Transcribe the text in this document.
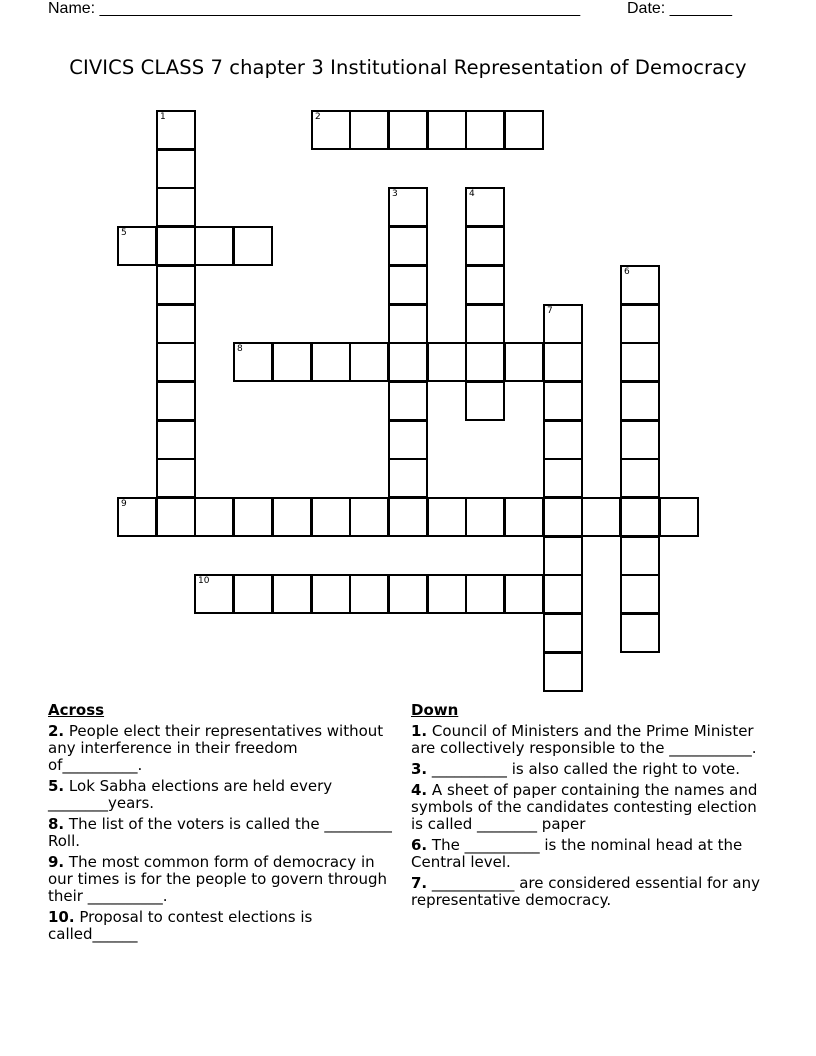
Name: ______________________________________________________	Date: _______
CIVICS CLASS 7 chapter 3 Institutional Representation of Democracy
1	2
3	4
5
6
7
8
9
10
Across
2. People elect their representatives without any interference in their freedom of__________.
5. Lok Sabha elections are held every ________years.
8. The list of the voters is called the _________ Roll.
9. The most common form of democracy in our times is for the people to govern through their __________.
10. Proposal to contest elections is called______
Down
1. Council of Ministers and the Prime Minister are collectively responsible to the ___________.
3. __________ is also called the right to vote.
4. A sheet of paper containing the names and symbols of the candidates contesting election is called ________ paper
6. The __________ is the nominal head at the Central level.
7. ___________ are considered essential for any representative democracy.
